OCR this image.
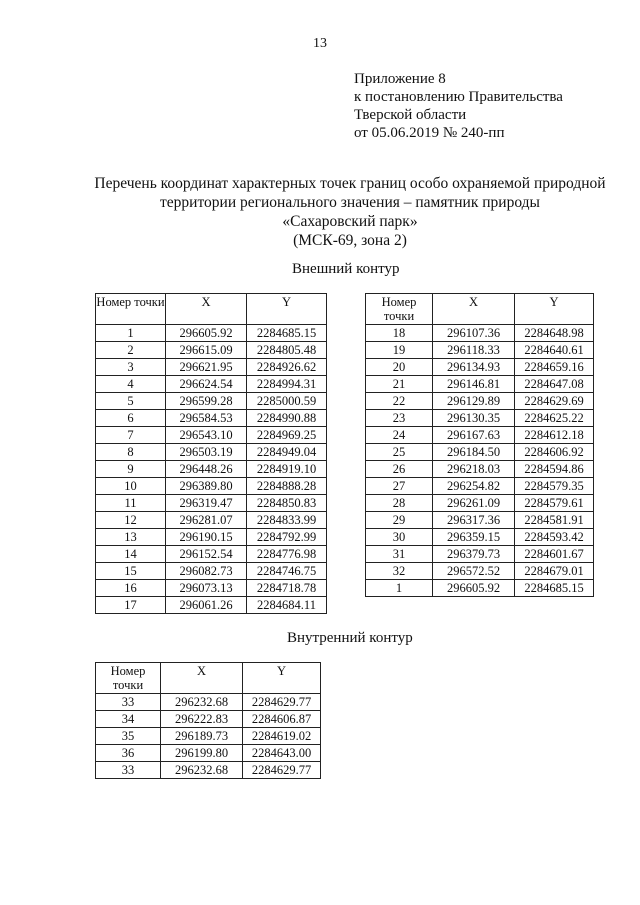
13
Приложение 8
к постановлению Правительства
Тверской области
от 05.06.2019 № 240-пп
Перечень координат характерных точек границ особо охраняемой природной
территории регионального значения – памятник природы
«Сахаровский парк»
(МСК-69, зона 2)
Внешний контур
Номер точки	X	Y
1	296605.92	2284685.15
2	296615.09	2284805.48
3	296621.95	2284926.62
4	296624.54	2284994.31
5	296599.28	2285000.59
6	296584.53	2284990.88
7	296543.10	2284969.25
8	296503.19	2284949.04
9	296448.26	2284919.10
10	296389.80	2284888.28
11	296319.47	2284850.83
12	296281.07	2284833.99
13	296190.15	2284792.99
14	296152.54	2284776.98
15	296082.73	2284746.75
16	296073.13	2284718.78
17	296061.26	2284684.11
Номер точки	X	Y
18	296107.36	2284648.98
19	296118.33	2284640.61
20	296134.93	2284659.16
21	296146.81	2284647.08
22	296129.89	2284629.69
23	296130.35	2284625.22
24	296167.63	2284612.18
25	296184.50	2284606.92
26	296218.03	2284594.86
27	296254.82	2284579.35
28	296261.09	2284579.61
29	296317.36	2284581.91
30	296359.15	2284593.42
31	296379.73	2284601.67
32	296572.52	2284679.01
1	296605.92	2284685.15
Внутренний контур
Номер точки	X	Y
33	296232.68	2284629.77
34	296222.83	2284606.87
35	296189.73	2284619.02
36	296199.80	2284643.00
33	296232.68	2284629.77
